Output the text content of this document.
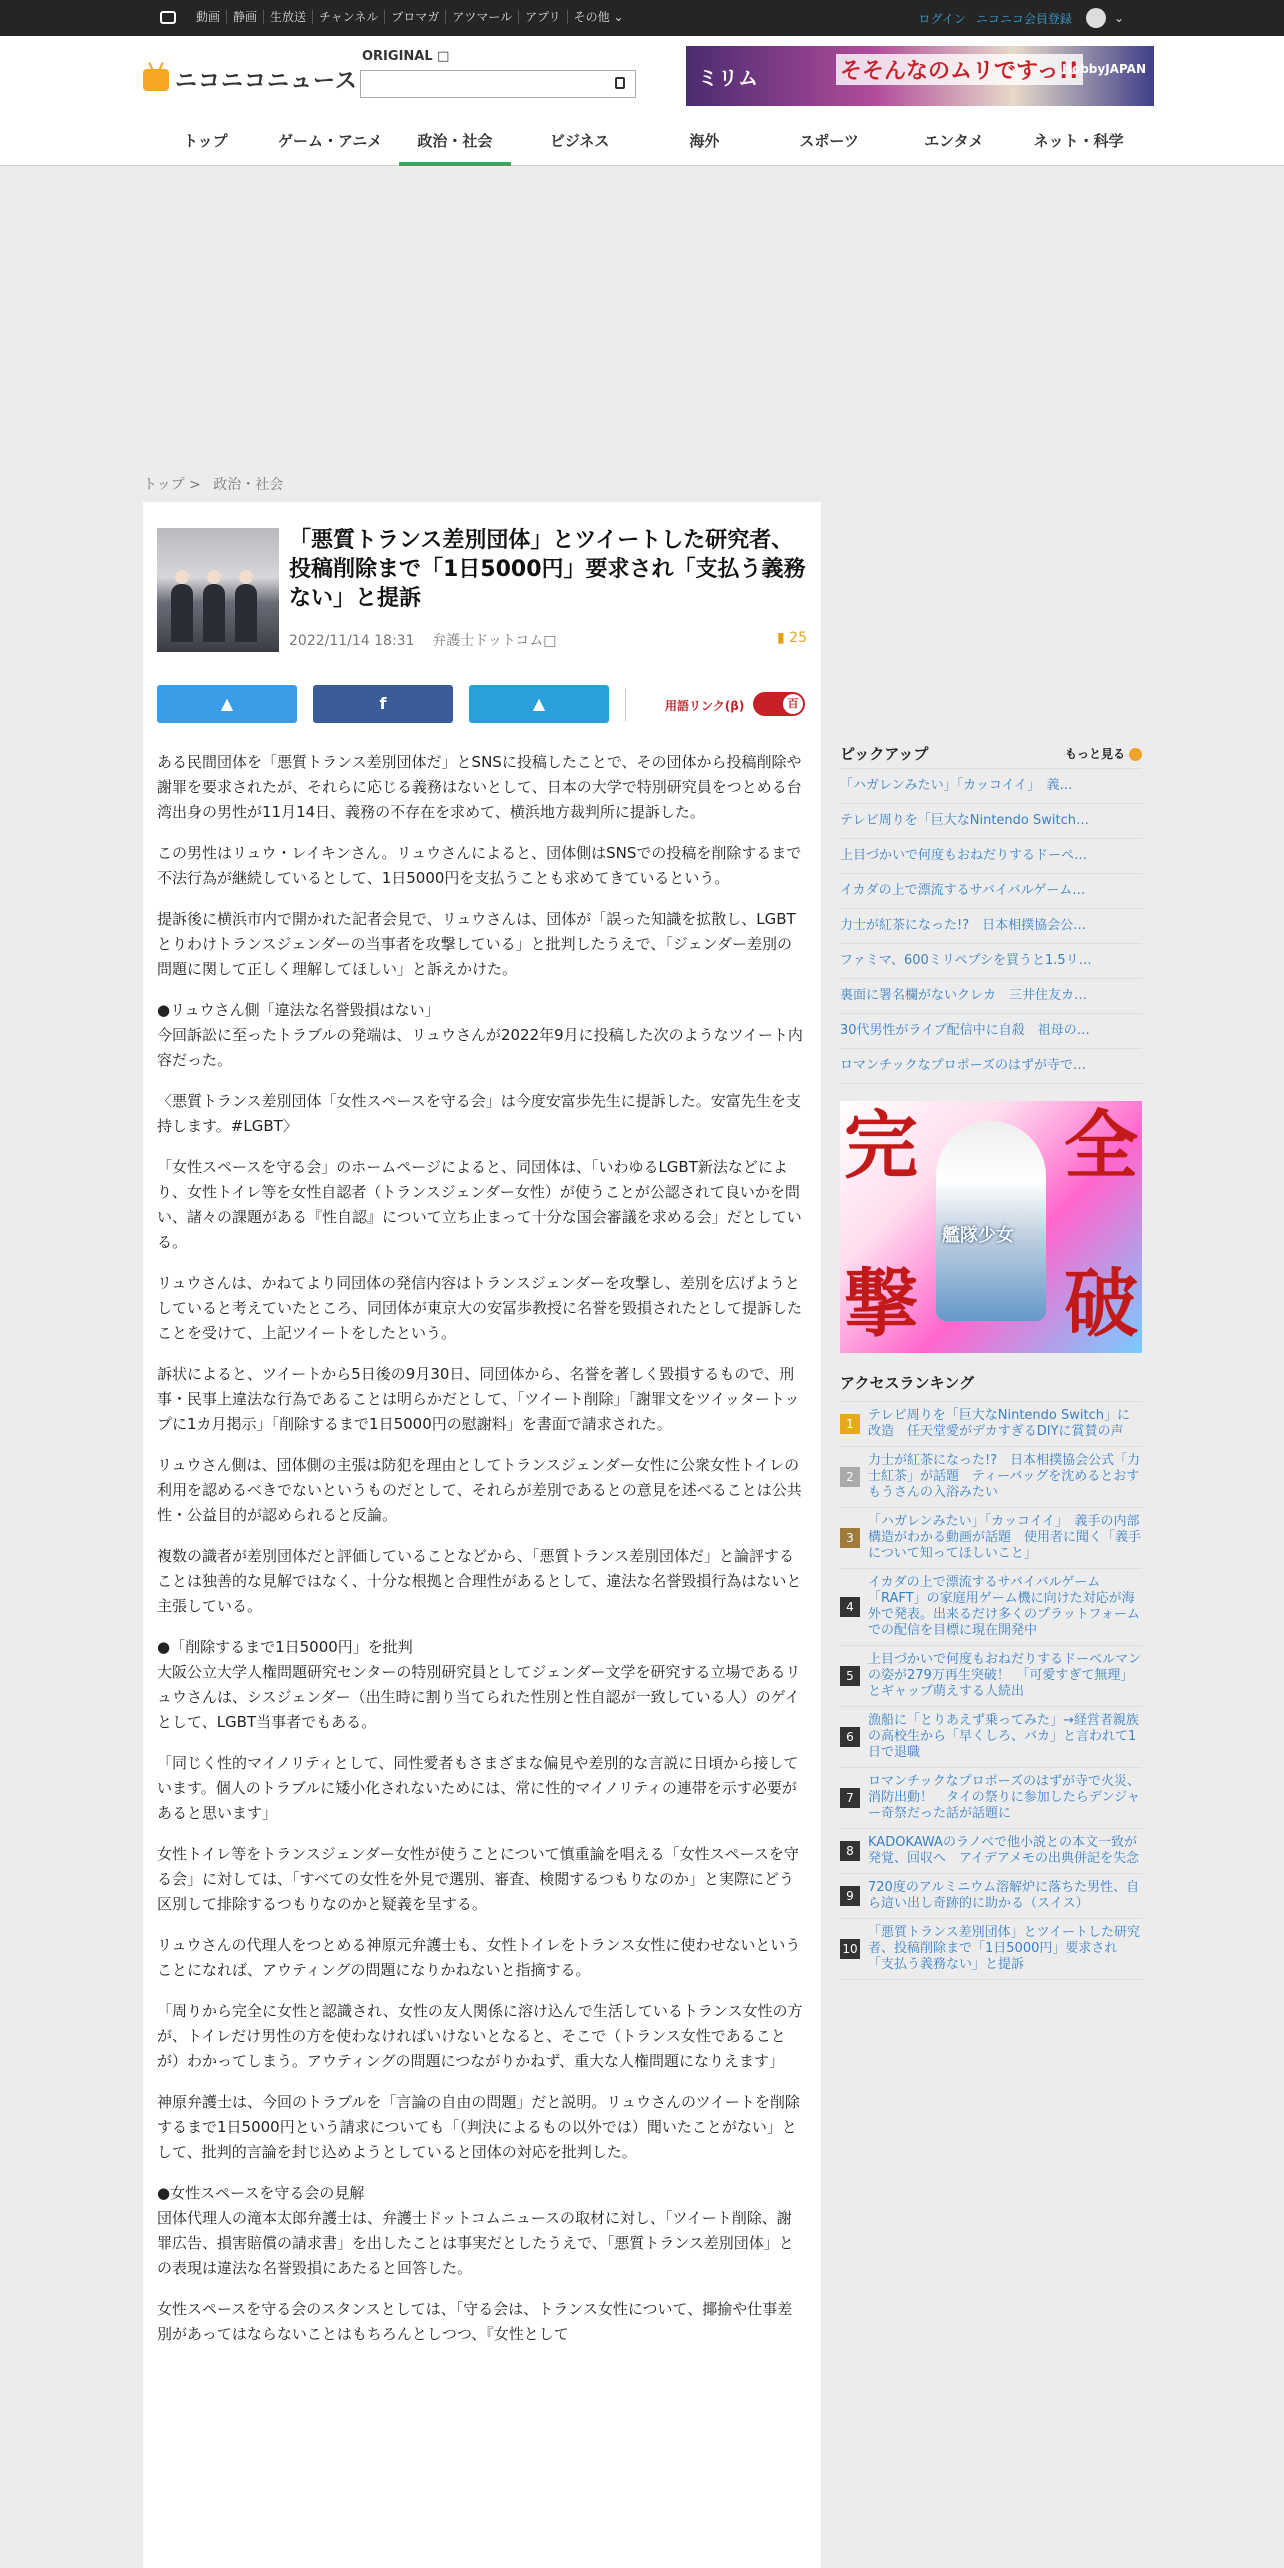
動画	静画	生放送	チャンネル	ブロマガ	アツマール	アプリ	その他 ⌄	ログイン ニコニコ会員登録	⌄
ニコニコニュース
ORIGINAL □
ミリム	そそんなのムリですっ!!
HobbyJAPAN
トップ	ゲーム・アニメ	政治・社会	ビジネス	海外	スポーツ	エンタメ	ネット・科学
トップ > 政治・社会
「悪質トランス差別団体」とツイートした研究者、投稿削除まで「1日5000円」要求され「支払う義務ない」と提訴
2022/11/14 18:31 弁護士ドットコム□	▮ 25
▲	f	▲	用語リンク(β)	百

ある民間団体を「悪質トランス差別団体だ」とSNSに投稿したことで、その団体から投稿削除や謝罪を要求されたが、それらに応じる義務はないとして、日本の大学で特別研究員をつとめる台湾出身の男性が11月14日、義務の不存在を求めて、横浜地方裁判所に提訴した。

この男性はリュウ・レイキンさん。リュウさんによると、団体側はSNSでの投稿を削除するまで不法行為が継続しているとして、1日5000円を支払うことも求めてきているという。

提訴後に横浜市内で開かれた記者会見で、リュウさんは、団体が「誤った知識を拡散し、LGBTとりわけトランスジェンダーの当事者を攻撃している」と批判したうえで、「ジェンダー差別の問題に関して正しく理解してほしい」と訴えかけた。

●リュウさん側「違法な名誉毀損はない」
今回訴訟に至ったトラブルの発端は、リュウさんが2022年9月に投稿した次のようなツイート内容だった。

〈悪質トランス差別団体「女性スペースを守る会」は今度安富歩先生に提訴した。安富先生を支持します。#LGBT〉

「女性スペースを守る会」のホームページによると、同団体は、「いわゆるLGBT新法などにより、女性トイレ等を女性自認者（トランスジェンダー女性）が使うことが公認されて良いかを問い、諸々の課題がある『性自認』について立ち止まって十分な国会審議を求める会」だとしている。

リュウさんは、かねてより同団体の発信内容はトランスジェンダーを攻撃し、差別を広げようとしていると考えていたところ、同団体が東京大の安冨歩教授に名誉を毀損されたとして提訴したことを受けて、上記ツイートをしたという。

訴状によると、ツイートから5日後の9月30日、同団体から、名誉を著しく毀損するもので、刑事・民事上違法な行為であることは明らかだとして、「ツイート削除」「謝罪文をツイッタートップに1カ月掲示」「削除するまで1日5000円の慰謝料」を書面で請求された。

リュウさん側は、団体側の主張は防犯を理由としてトランスジェンダー女性に公衆女性トイレの利用を認めるべきでないというものだとして、それらが差別であるとの意見を述べることは公共性・公益目的が認められると反論。

複数の識者が差別団体だと評価していることなどから、「悪質トランス差別団体だ」と論評することは独善的な見解ではなく、十分な根拠と合理性があるとして、違法な名誉毀損行為はないと主張している。

●「削除するまで1日5000円」を批判
大阪公立大学人権問題研究センターの特別研究員としてジェンダー文学を研究する立場であるリュウさんは、シスジェンダー（出生時に割り当てられた性別と性自認が一致している人）のゲイとして、LGBT当事者でもある。

「同じく性的マイノリティとして、同性愛者もさまざまな偏見や差別的な言説に日頃から接しています。個人のトラブルに矮小化されないためには、常に性的マイノリティの連帯を示す必要があると思います」

女性トイレ等をトランスジェンダー女性が使うことについて慎重論を唱える「女性スペースを守る会」に対しては、「すべての女性を外見で選別、審査、検閲するつもりなのか」と実際にどう区別して排除するつもりなのかと疑義を呈する。

リュウさんの代理人をつとめる神原元弁護士も、女性トイレをトランス女性に使わせないということになれば、アウティングの問題になりかねないと指摘する。

「周りから完全に女性と認識され、女性の友人関係に溶け込んで生活しているトランス女性の方が、トイレだけ男性の方を使わなければいけないとなると、そこで（トランス女性であることが）わかってしまう。アウティングの問題につながりかねず、重大な人権問題になりえます」

神原弁護士は、今回のトラブルを「言論の自由の問題」だと説明。リュウさんのツイートを削除するまで1日5000円という請求についても「（判決によるもの以外では）聞いたことがない」として、批判的言論を封じ込めようとしていると団体の対応を批判した。

●女性スペースを守る会の見解
団体代理人の滝本太郎弁護士は、弁護士ドットコムニュースの取材に対し、「ツイート削除、謝罪広告、損害賠償の請求書」を出したことは事実だとしたうえで、「悪質トランス差別団体」との表現は違法な名誉毀損にあたると回答した。

女性スペースを守る会のスタンスとしては、「守る会は、トランス女性について、揶揄や仕事差別があってはならないことはもちろんとしつつ、『女性として

ピックアップ	もっと見る
「ハガレンみたい」「カッコイイ」　義…
テレビ周りを「巨大なNintendo Switch…
上目づかいで何度もおねだりするドーペ…
イカダの上で漂流するサバイバルゲーム…
力士が紅茶になった!?　日本相撲協会公…
ファミマ、600ミリペプシを買うと1.5リ…
裏面に署名欄がないクレカ　三井住友カ…
30代男性がライブ配信中に自殺　祖母の…
ロマンチックなプロポーズのはずが寺で…
完 全
撃 破
艦隊少女
アクセスランキング
1
テレビ周りを「巨大なNintendo Switch」に改造　任天堂愛がデカすぎるDIYに賞賛の声
2
力士が紅茶になった!?　日本相撲協会公式「力士紅茶」が話題　ティーバッグを沈めるとおすもうさんの入浴みたい
3
「ハガレンみたい」「カッコイイ」　義手の内部構造がわかる動画が話題　使用者に聞く「義手について知ってほしいこと」
4
イカダの上で漂流するサバイバルゲーム「RAFT」の家庭用ゲーム機に向けた対応が海外で発表。出来るだけ多くのプラットフォームでの配信を目標に現在開発中
5
上目づかいで何度もおねだりするドーベルマンの姿が279万再生突破！　「可愛すぎて無理」とギャップ萌えする人続出
6
漁船に「とりあえず乗ってみた」→経営者親族の高校生から「早くしろ、バカ」と言われて1日で退職
7
ロマンチックなプロポーズのはずが寺で火災、消防出動！　タイの祭りに参加したらデンジャー奇祭だった話が話題に
8
KADOKAWAのラノベで他小説との本文一致が発覚、回収へ　アイデアメモの出典併記を失念
9
720度のアルミニウム溶解炉に落ちた男性、自ら這い出し奇跡的に助かる（スイス）
10
「悪質トランス差別団体」とツイートした研究者、投稿削除まで「1日5000円」要求され「支払う義務ない」と提訴
